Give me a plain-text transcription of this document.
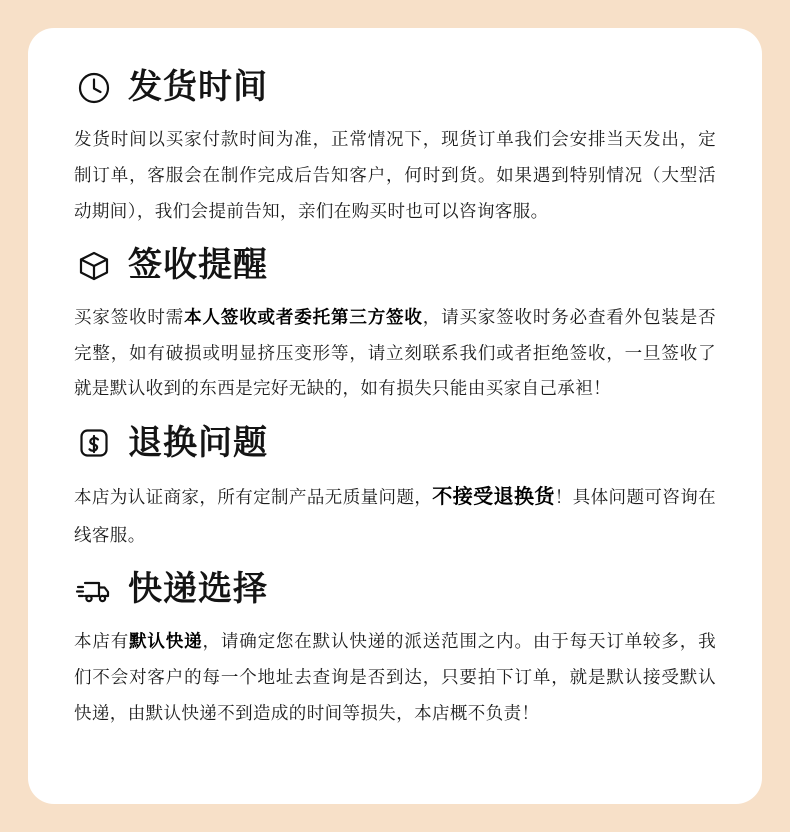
发货时间

发货时间以买家付款时间为准，正常情况下，现货订单我们会安排当天发出，定制订单，客服会在制作完成后告知客户，何时到货。如果遇到特别情况（大型活动期间），我们会提前告知，亲们在购买时也可以咨询客服。

签收提醒

买家签收时需本人签收或者委托第三方签收，请买家签收时务必查看外包装是否 完整，如有破损或明显挤压变形等，请立刻联系我们或者拒绝签收，一旦签收了就是默认收到的东西是完好无缺的，如有损失只能由买家自己承袒！

退换问题

本店为认证商家，所有定制产品无质量问题，不接受退换货！具体问题可咨询在线客服。

快递选择

本店有默认快递，请确定您在默认快递的派送范围之内。由于每天订单较多，我们不会对客户的每一个地址去查询是否到达，只要拍下订单，就是默认接受默认快递，由默认快递不到造成的时间等损失，本店概不负责！
